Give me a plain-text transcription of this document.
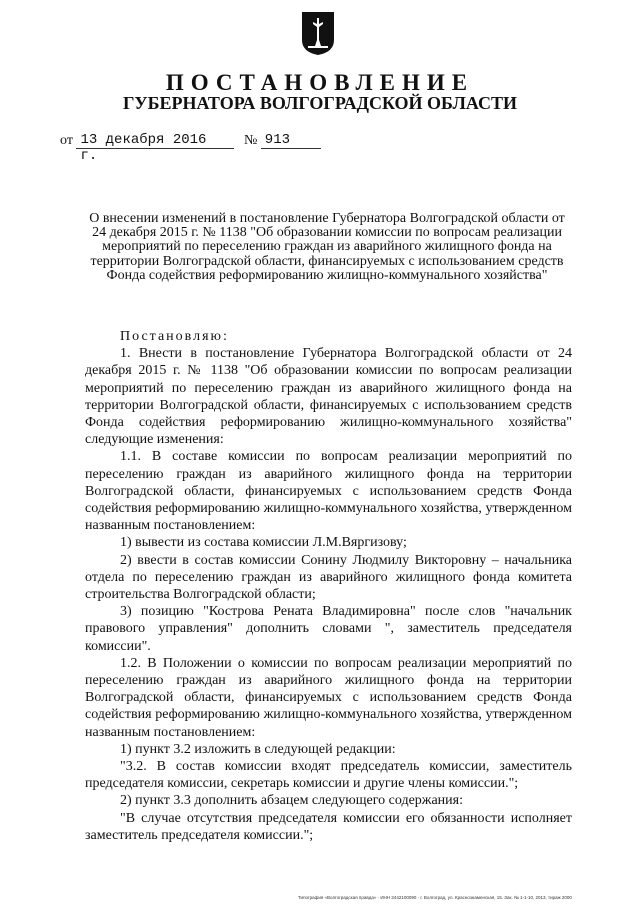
ПОСТАНОВЛЕНИЕ
ГУБЕРНАТОРА ВОЛГОГРАДСКОЙ ОБЛАСТИ
от 13 декабря 2016 г. № 913
О внесении изменений в постановление Губернатора Волгоградской области от 24 декабря 2015 г. № 1138 "Об образовании комиссии по вопросам реализации мероприятий по переселению граждан из аварийного жилищного фонда на территории Волгоградской области, финансируемых с использованием средств Фонда содействия реформированию жилищно-коммунального хозяйства"

Постановляю:

1. Внести в постановление Губернатора Волгоградской области от 24 декабря 2015 г. № 1138 "Об образовании комиссии по вопросам реализации мероприятий по переселению граждан из аварийного жилищного фонда на территории Волгоградской области, финансируемых с использованием средств Фонда содействия реформированию жилищно-коммунального хозяйства" следующие изменения:

1.1. В составе комиссии по вопросам реализации мероприятий по переселению граждан из аварийного жилищного фонда на территории Волгоградской области, финансируемых с использованием средств Фонда содействия реформированию жилищно-коммунального хозяйства, утвержденном названным постановлением:

1) вывести из состава комиссии Л.М.Вяргизову;

2) ввести в состав комиссии Сонину Людмилу Викторовну – начальника отдела по переселению граждан из аварийного жилищного фонда комитета строительства Волгоградской области;

3) позицию "Кострова Рената Владимировна" после слов "начальник правового управления" дополнить словами ", заместитель председателя комиссии".

1.2. В Положении о комиссии по вопросам реализации мероприятий по переселению граждан из аварийного жилищного фонда на территории Волгоградской области, финансируемых с использованием средств Фонда содействия реформированию жилищно-коммунального хозяйства, утвержденном названным постановлением:

1) пункт 3.2 изложить в следующей редакции:

"3.2. В состав комиссии входят председатель комиссии, заместитель председателя комиссии, секретарь комиссии и другие члены комиссии.";

2) пункт 3.3 дополнить абзацем следующего содержания:

"В случае отсутствия председателя комиссии его обязанности исполняет заместитель председателя комиссии.";

Типография «Волгоградская правда» · ИНН 3442100090 · г. Волгоград, ул. Краснознаменская, 15. Зак. № 1-1-10, 2013, тираж 2000
